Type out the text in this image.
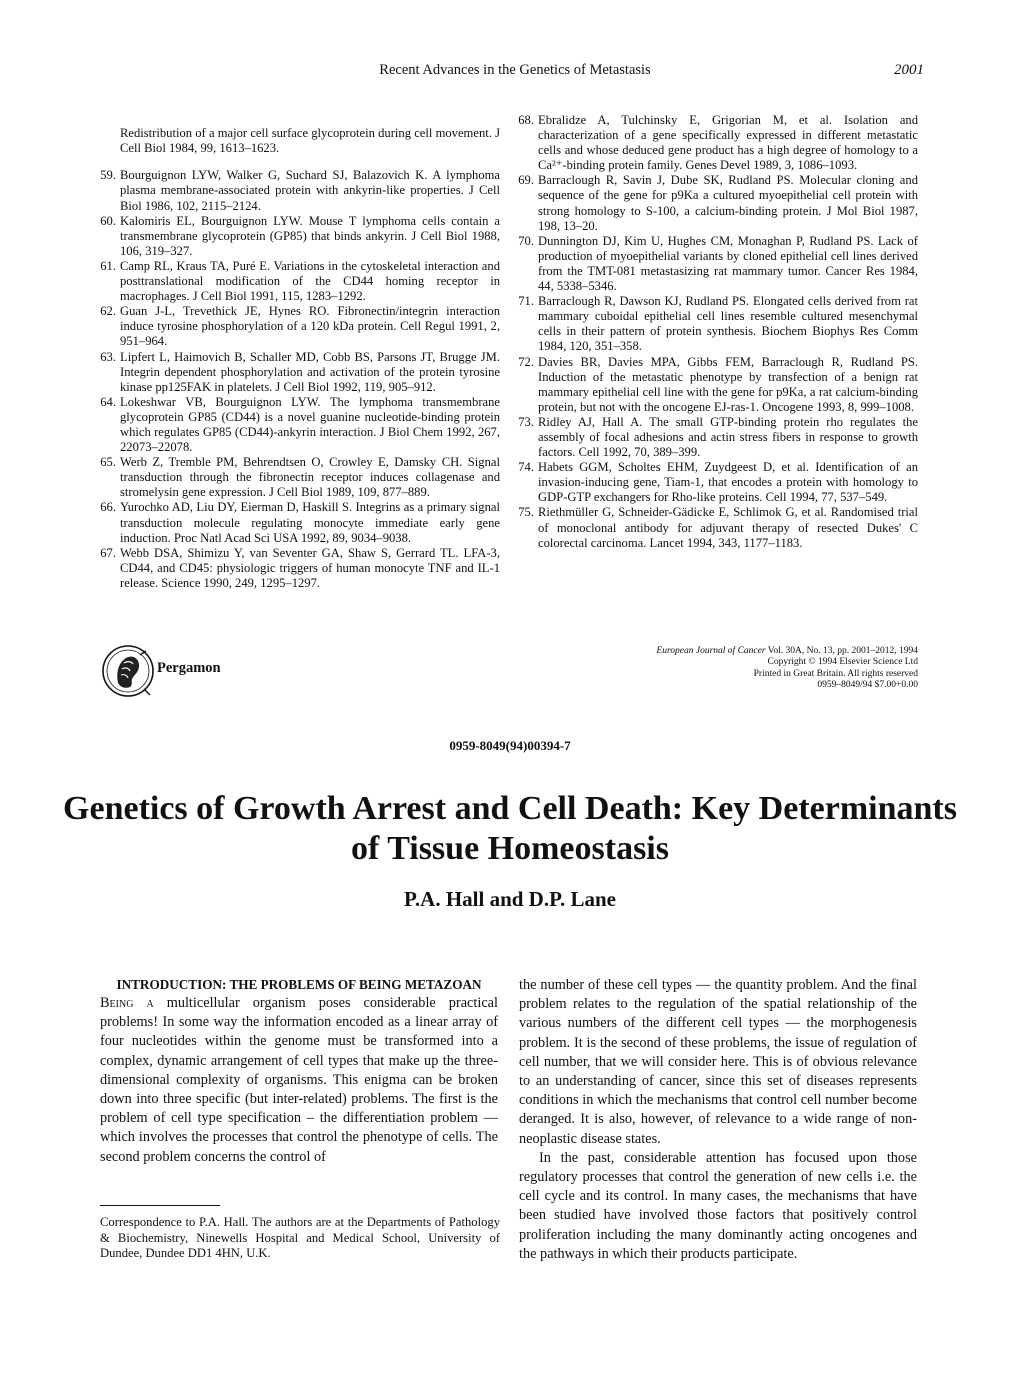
Recent Advances in the Genetics of Metastasis	2001

Redistribution of a major cell surface glycoprotein during cell movement. J Cell Biol 1984, 99, 1613–1623.

59. Bourguignon LYW, Walker G, Suchard SJ, Balazovich K. A lymphoma plasma membrane-associated protein with ankyrin-like properties. J Cell Biol 1986, 102, 2115–2124.

60. Kalomiris EL, Bourguignon LYW. Mouse T lymphoma cells contain a transmembrane glycoprotein (GP85) that binds ankyrin. J Cell Biol 1988, 106, 319–327.

61. Camp RL, Kraus TA, Puré E. Variations in the cytoskeletal interaction and posttranslational modification of the CD44 homing receptor in macrophages. J Cell Biol 1991, 115, 1283–1292.

62. Guan J-L, Trevethick JE, Hynes RO. Fibronectin/integrin interaction induce tyrosine phosphorylation of a 120 kDa protein. Cell Regul 1991, 2, 951–964.

63. Lipfert L, Haimovich B, Schaller MD, Cobb BS, Parsons JT, Brugge JM. Integrin dependent phosphorylation and activation of the protein tyrosine kinase pp125FAK in platelets. J Cell Biol 1992, 119, 905–912.

64. Lokeshwar VB, Bourguignon LYW. The lymphoma transmembrane glycoprotein GP85 (CD44) is a novel guanine nucleotide-binding protein which regulates GP85 (CD44)-ankyrin interaction. J Biol Chem 1992, 267, 22073–22078.

65. Werb Z, Tremble PM, Behrendtsen O, Crowley E, Damsky CH. Signal transduction through the fibronectin receptor induces collagenase and stromelysin gene expression. J Cell Biol 1989, 109, 877–889.

66. Yurochko AD, Liu DY, Eierman D, Haskill S. Integrins as a primary signal transduction molecule regulating monocyte immediate early gene induction. Proc Natl Acad Sci USA 1992, 89, 9034–9038.

67. Webb DSA, Shimizu Y, van Seventer GA, Shaw S, Gerrard TL. LFA-3, CD44, and CD45: physiologic triggers of human monocyte TNF and IL-1 release. Science 1990, 249, 1295–1297.

68. Ebralidze A, Tulchinsky E, Grigorian M, et al. Isolation and characterization of a gene specifically expressed in different metastatic cells and whose deduced gene product has a high degree of homology to a Ca²⁺-binding protein family. Genes Devel 1989, 3, 1086–1093.

69. Barraclough R, Savin J, Dube SK, Rudland PS. Molecular cloning and sequence of the gene for p9Ka a cultured myoepithelial cell protein with strong homology to S-100, a calcium-binding protein. J Mol Biol 1987, 198, 13–20.

70. Dunnington DJ, Kim U, Hughes CM, Monaghan P, Rudland PS. Lack of production of myoepithelial variants by cloned epithelial cell lines derived from the TMT-081 metastasizing rat mammary tumor. Cancer Res 1984, 44, 5338–5346.

71. Barraclough R, Dawson KJ, Rudland PS. Elongated cells derived from rat mammary cuboidal epithelial cell lines resemble cultured mesenchymal cells in their pattern of protein synthesis. Biochem Biophys Res Comm 1984, 120, 351–358.

72. Davies BR, Davies MPA, Gibbs FEM, Barraclough R, Rudland PS. Induction of the metastatic phenotype by transfection of a benign rat mammary epithelial cell line with the gene for p9Ka, a rat calcium-binding protein, but not with the oncogene EJ-ras-1. Oncogene 1993, 8, 999–1008.

73. Ridley AJ, Hall A. The small GTP-binding protein rho regulates the assembly of focal adhesions and actin stress fibers in response to growth factors. Cell 1992, 70, 389–399.

74. Habets GGM, Scholtes EHM, Zuydgeest D, et al. Identification of an invasion-inducing gene, Tiam-1, that encodes a protein with homology to GDP-GTP exchangers for Rho-like proteins. Cell 1994, 77, 537–549.

75. Riethmüller G, Schneider-Gädicke E, Schlimok G, et al. Randomised trial of monoclonal antibody for adjuvant therapy of resected Dukes' C colorectal carcinoma. Lancet 1994, 343, 1177–1183.

Pergamon
European Journal of Cancer Vol. 30A, No. 13, pp. 2001–2012, 1994
Copyright © 1994 Elsevier Science Ltd
Printed in Great Britain. All rights reserved
0959–8049/94 $7.00+0.00
0959-8049(94)00394-7
Genetics of Growth Arrest and Cell Death: Key Determinants of Tissue Homeostasis
P.A. Hall and D.P. Lane
INTRODUCTION: THE PROBLEMS OF BEING METAZOAN

Being a multicellular organism poses considerable practical problems! In some way the information encoded as a linear array of four nucleotides within the genome must be transformed into a complex, dynamic arrangement of cell types that make up the three-dimensional complexity of organisms. This enigma can be broken down into three specific (but inter-related) problems. The first is the problem of cell type specification – the differentiation problem — which involves the processes that control the phenotype of cells. The second problem concerns the control of

the number of these cell types — the quantity problem. And the final problem relates to the regulation of the spatial relationship of the various numbers of the different cell types — the morphogenesis problem. It is the second of these problems, the issue of regulation of cell number, that we will consider here. This is of obvious relevance to an understanding of cancer, since this set of diseases represents conditions in which the mechanisms that control cell number become deranged. It is also, however, of relevance to a wide range of non-neoplastic disease states.

In the past, considerable attention has focused upon those regulatory processes that control the generation of new cells i.e. the cell cycle and its control. In many cases, the mechanisms that have been studied have involved those factors that positively control proliferation including the many dominantly acting oncogenes and the pathways in which their products participate.

Correspondence to P.A. Hall. The authors are at the Departments of Pathology & Biochemistry, Ninewells Hospital and Medical School, University of Dundee, Dundee DD1 4HN, U.K.
